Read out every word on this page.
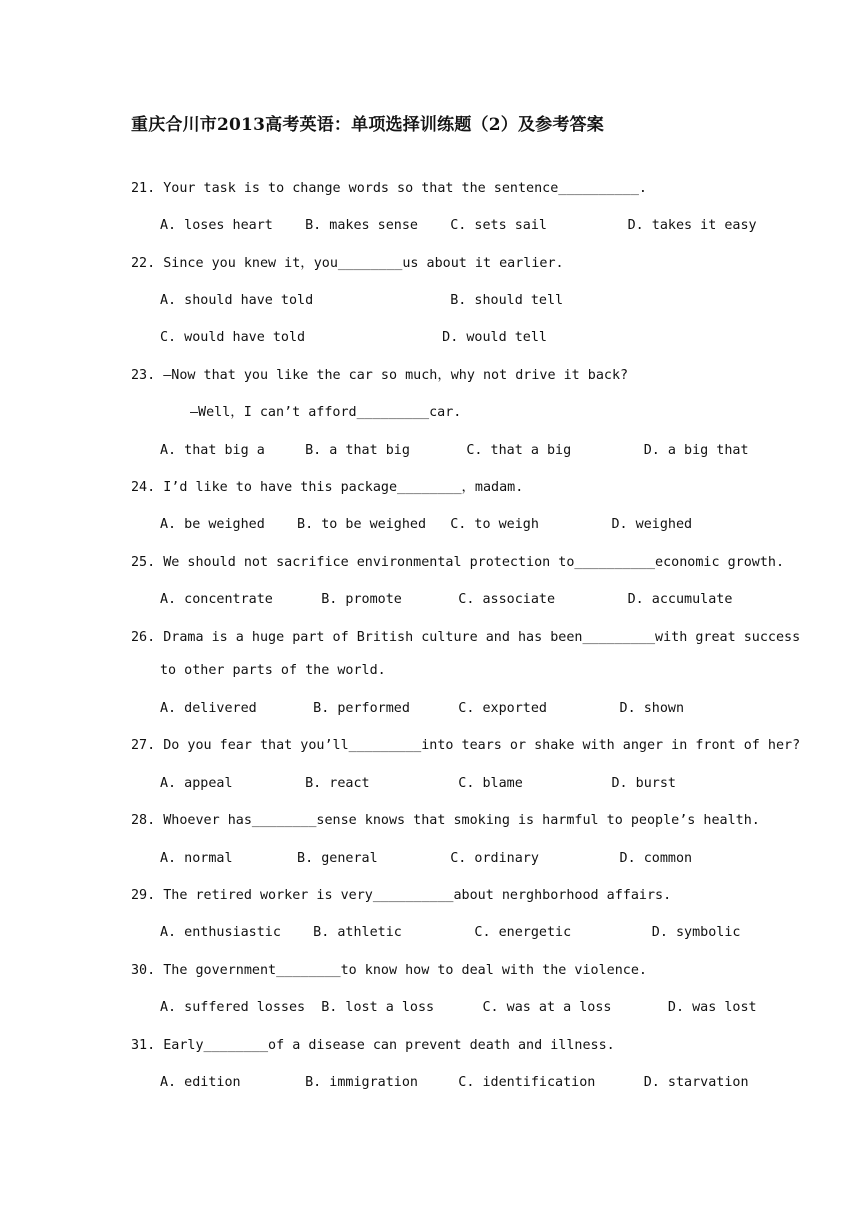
重庆合川市2013高考英语：单项选择训练题（2）及参考答案
21. Your task is to change words so that the sentence__________.
A. loses heart    B. makes sense    C. sets sail          D. takes it easy
22. Since you knew it，you________us about it earlier.
A. should have told                 B. should tell
C. would have told                 D. would tell
23. —Now that you like the car so much，why not drive it back?
—Well，I can’t afford_________car.
A. that big a     B. a that big       C. that a big         D. a big that
24. I’d like to have this package________，madam.
A. be weighed    B. to be weighed   C. to weigh         D. weighed
25. We should not sacrifice environmental protection to__________economic growth.
A. concentrate      B. promote       C. associate         D. accumulate
26. Drama is a huge part of British culture and has been_________with great success
to other parts of the world.
A. delivered       B. performed      C. exported         D. shown
27. Do you fear that you’ll_________into tears or shake with anger in front of her?
A. appeal         B. react           C. blame           D. burst
28. Whoever has________sense knows that smoking is harmful to people’s health.
A. normal        B. general         C. ordinary          D. common
29. The retired worker is very__________about nerghborhood affairs.
A. enthusiastic    B. athletic         C. energetic          D. symbolic
30. The government________to know how to deal with the violence.
A. suffered losses  B. lost a loss      C. was at a loss       D. was lost
31. Early________of a disease can prevent death and illness.
A. edition        B. immigration     C. identification      D. starvation
